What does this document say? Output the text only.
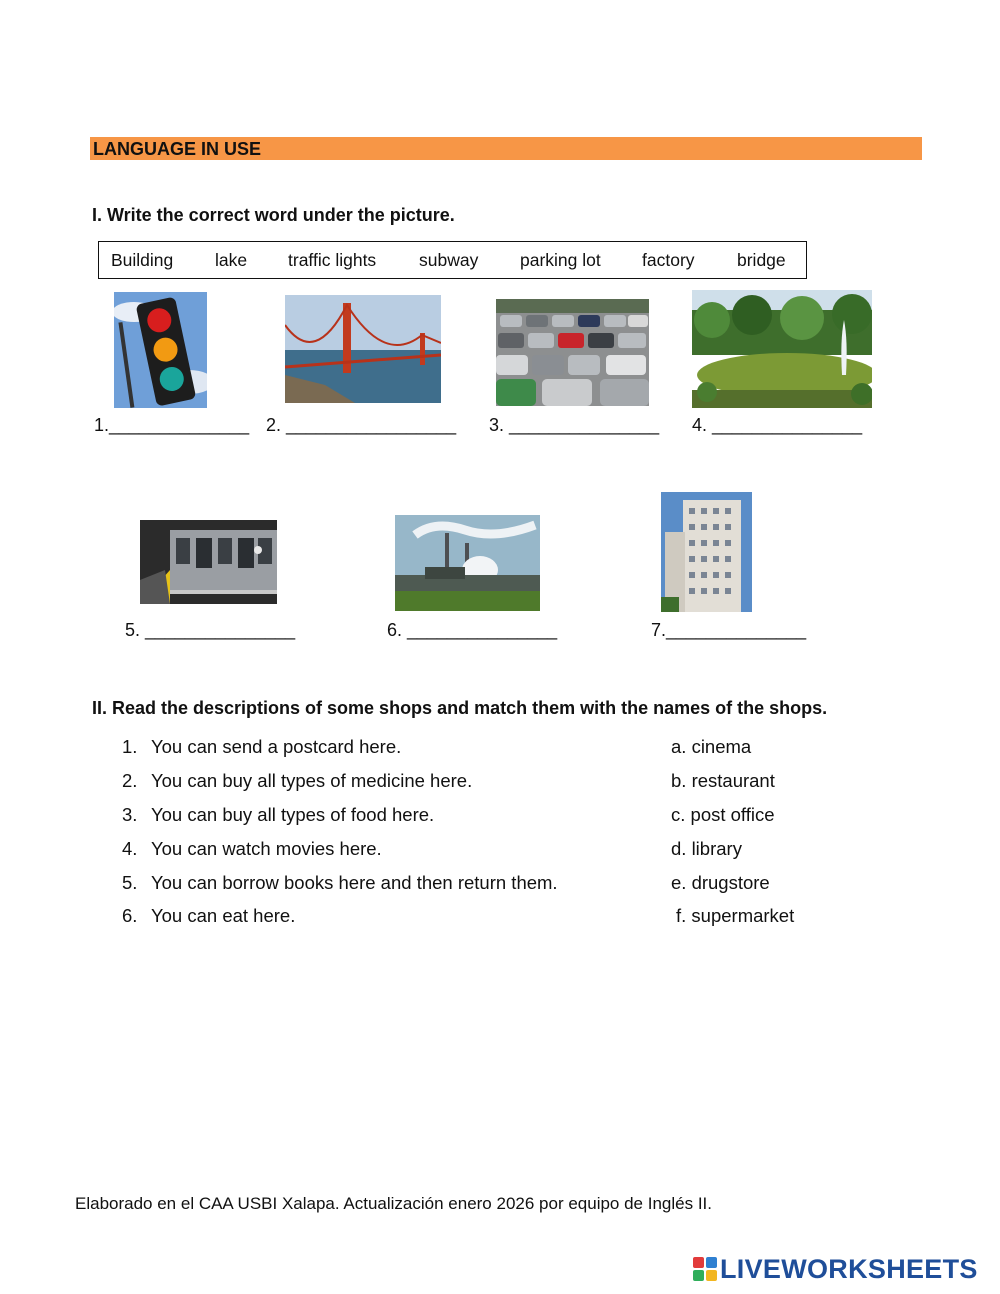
LANGUAGE IN USE
I. Write the correct word under the picture.
Building lake traffic lights subway parking lot factory bridge
1.______________ 2. _________________ 3. _______________ 4. _______________
5. _______________	6. _______________	7.______________
II. Read the descriptions of some shops and match them with the names of the shops.
1. You can send a postcard here.
2. You can buy all types of medicine here.
3. You can buy all types of food here.
4. You can watch movies here.
5. You can borrow books here and then return them.
6. You can eat here.
a. cinema
b. restaurant
c. post office
d. library
e. drugstore
f. supermarket
Elaborado en el CAA USBI Xalapa. Actualización enero 2026 por equipo de Inglés II.
LIVEWORKSHEETS
